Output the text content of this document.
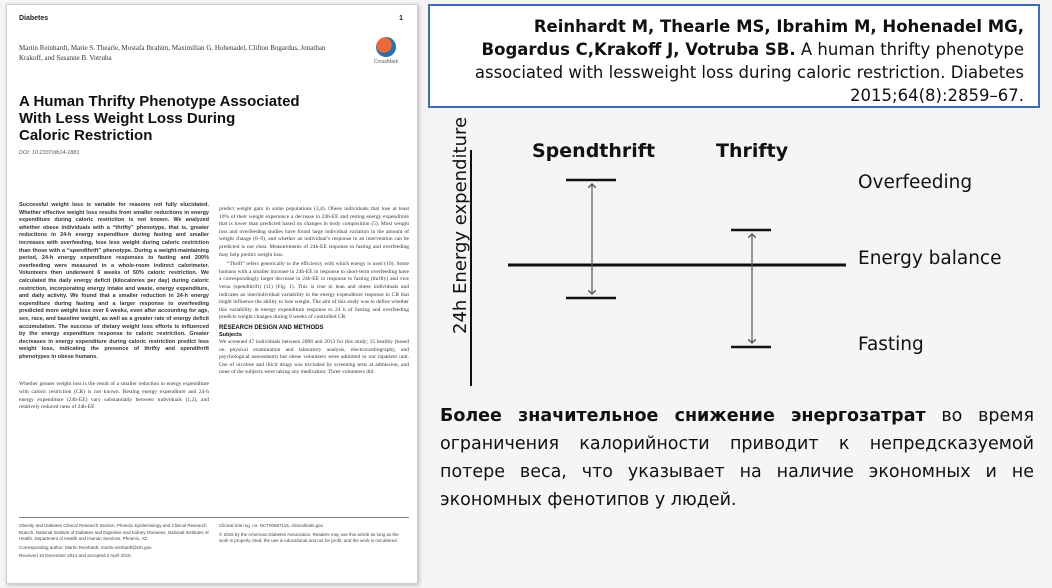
Diabetes	1
Martin Reinhardt, Marie S. Thearle, Mostafa Ibrahim, Maximilian G. Hohenadel, Clifton Bogardus, Jonathan Krakoff, and Susanne B. Votruba	CrossMark
A Human Thrifty Phenotype Associated
With Less Weight Loss During
Caloric Restriction
DOI: 10.2337/db14-1881

Successful weight loss is variable for reasons not fully elucidated. Whether effective weight loss results from smaller reductions in energy expenditure during caloric restriction is not known. We analyzed whether obese individuals with a “thrifty” phenotype, that is, greater reductions in 24-h energy expenditure during fasting and smaller increases with overfeeding, lose less weight during caloric restriction than those with a “spendthrift” phenotype. During a weight-maintaining period, 24-h energy expenditure responses to fasting and 200% overfeeding were measured in a whole-room indirect calorimeter. Volunteers then underwent 6 weeks of 50% caloric restriction. We calculated the daily energy deficit (kilocalories per day) during caloric restriction, incorporating energy intake and waste, energy expenditure, and daily activity. We found that a smaller reduction in 24-h energy expenditure during fasting and a larger response to overfeeding predicted more weight loss over 6 weeks, even after accounting for age, sex, race, and baseline weight, as well as a greater rate of energy deficit accumulation. The success of dietary weight loss efforts is influenced by the energy expenditure response to caloric restriction. Greater decreases in energy expenditure during caloric restriction predict less weight loss, indicating the presence of thrifty and spendthrift phenotypes in obese humans.

Whether greater weight loss is the result of a smaller reduction in energy expenditure with caloric restriction (CR) is not known. Resting energy expenditure and 24-h energy expenditure (24h-EE) vary substantially between individuals (1,2), and relatively reduced rates of 24h-EE

predict weight gain in some populations (3,4). Obese individuals that lose at least 10% of their weight experience a decrease in 24h-EE and resting energy expenditure that is lower than predicted based on changes in body composition (5). Most weight loss and overfeeding studies have found large individual variation in the amount of weight change (6–9), and whether an individual’s response to an intervention can be predicted is not clear. Measurements of 24h-EE response to fasting and overfeeding may help predict weight loss.

“Thrift” refers generically to the efficiency with which energy is used (10). Some humans with a smaller increase in 24h-EE in response to short-term overfeeding have a correspondingly larger decrease in 24h-EE in response to fasting (thrifty) and vice versa (spendthrift) (11) (Fig. 1). This is true in lean and obese individuals and indicates an interindividual variability in the energy expenditure response to CR that might influence the ability to lose weight. The aim of this study was to define whether this variability in energy expenditure response to 24 h of fasting and overfeeding predicts weight changes during 6 weeks of controlled CR.

RESEARCH DESIGN AND METHODS
Subjects

We screened 47 individuals between 2008 and 2013 for this study; 15 healthy (based on physical examination and laboratory analysis, electrocardiography, and psychological assessment) but obese volunteers were admitted to our inpatient unit. Use of nicotine and illicit drugs was excluded by screening tests at admission, and none of the subjects were taking any medication. Three volunteers did

Obesity and Diabetes Clinical Research Section, Phoenix Epidemiology and Clinical Research Branch, National Institute of Diabetes and Digestive and Kidney Diseases, National Institutes of Health, Department of Health and Human Services, Phoenix, AZ

Corresponding author: Martin Reinhardt, martin.reinhardt@nih.gov.

Received 10 December 2014 and accepted 2 April 2015.

Clinical trial reg. no. NCT00687115, clinicaltrials.gov.

© 2015 by the American Diabetes Association. Readers may use this article as long as the work is properly cited, the use is educational and not for profit, and the work is not altered.

Reinhardt M, Thearle MS, Ibrahim M, Hohenadel MG, Bogardus C,Krakoff J, Votruba SB. A human thrifty phenotype associated with lessweight loss during caloric restriction. Diabetes 2015;64(8):2859–67.
24h Energy expenditure	Spendthrift	Thrifty
Overfeeding
Energy balance
Fasting
Более значительное снижение энергозатрат во время ограничения калорийности приводит к непредсказуемой потере веса, что указывает на наличие экономных и не экономных фенотипов у людей.
